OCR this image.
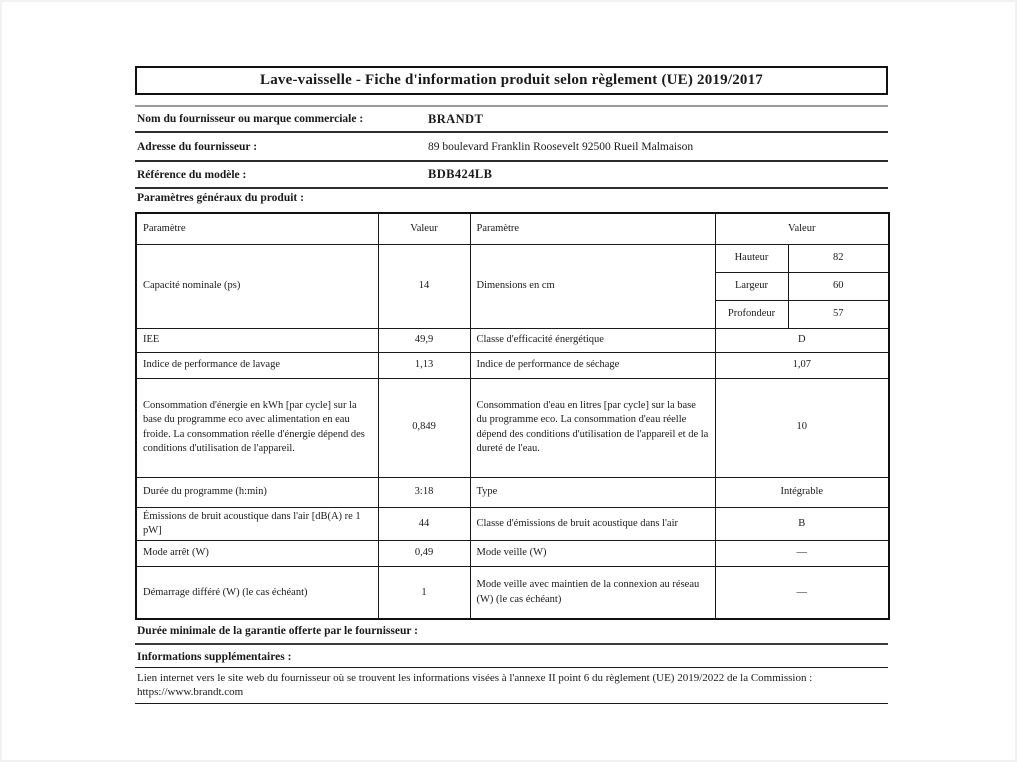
Lave-vaisselle - Fiche d'information produit selon règlement (UE) 2019/2017
Nom du fournisseur ou marque commerciale :	BRANDT
Adresse du fournisseur :	89 boulevard Franklin Roosevelt 92500 Rueil Malmaison
Référence du modèle :	BDB424LB
Paramètres généraux du produit :
Paramètre	Valeur	Paramètre	Valeur	
Capacité nominale (ps)	14	Dimensions en cm	Hauteur	82
			Largeur	60
			Profondeur	57
IEE	49,9	Classe d'efficacité énergétique	D	
Indice de performance de lavage	1,13	Indice de performance de séchage	1,07	
Consommation d'énergie en kWh [par cycle] sur la base du programme eco avec alimentation en eau froide. La consommation réelle d'énergie dépend des conditions d'utilisation de l'appareil.	0,849	Consommation d'eau en litres [par cycle] sur la base du programme eco. La consommation d'eau réelle dépend des conditions d'utilisation de l'appareil et de la dureté de l'eau.	10	
Durée du programme (h:min)	3:18	Type	Intégrable	
Émissions de bruit acoustique dans l'air [dB(A) re 1 pW]	44	Classe d'émissions de bruit acoustique dans l'air	B	
Mode arrêt (W)	0,49	Mode veille (W)	—	
Démarrage différé (W) (le cas échéant)	1	Mode veille avec maintien de la connexion au réseau (W) (le cas échéant)	—	
Durée minimale de la garantie offerte par le fournisseur :
Informations supplémentaires :
Lien internet vers le site web du fournisseur où se trouvent les informations visées à l'annexe II point 6 du règlement (UE) 2019/2022 de la Commission :
https://www.brandt.com
